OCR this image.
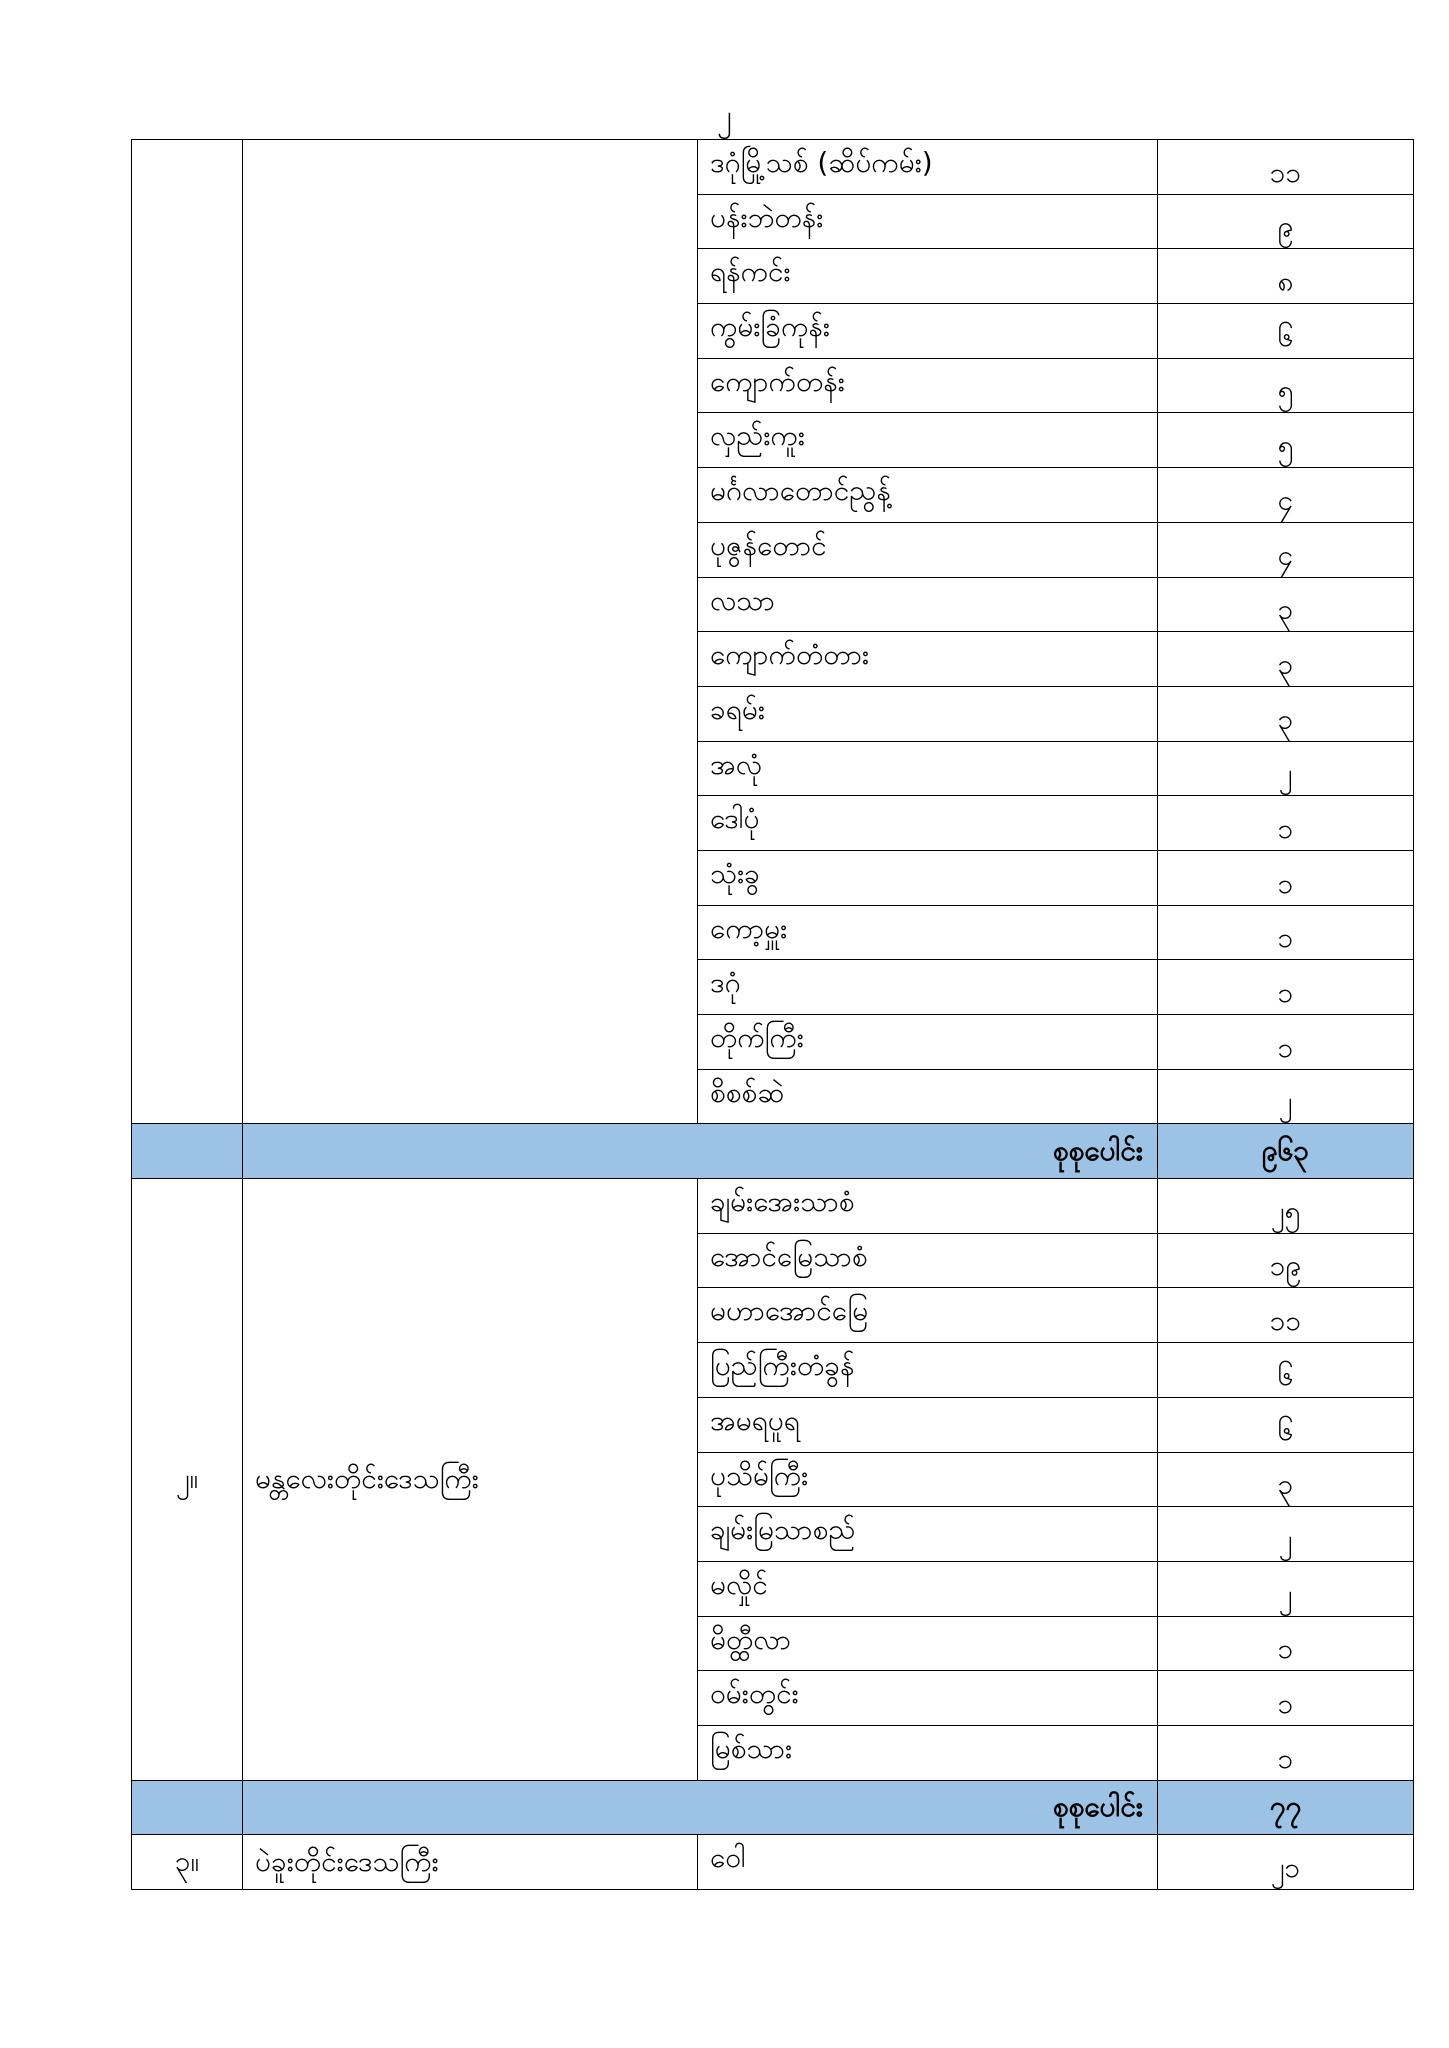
၂
		ဒဂုံမြို့သစ် (ဆိပ်ကမ်း)	၁၁
		ပန်းဘဲတန်း	၉
		ရန်ကင်း	၈
		ကွမ်းခြံကုန်း	၆
		ကျောက်တန်း	၅
		လှည်းကူး	၅
		မင်္ဂလာတောင်ညွန့်	၄
		ပုဇွန်တောင်	၄
		လသာ	၃
		ကျောက်တံတား	၃
		ခရမ်း	၃
		အလုံ	၂
		ဒေါပုံ	၁
		သုံးခွ	၁
		ကော့မှူး	၁
		ဒဂုံ	၁
		တိုက်ကြီး	၁
		စိစစ်ဆဲ	၂
	စုစုပေါင်း		၉၆၃
၂။	မန္တလေးတိုင်းဒေသကြီး	ချမ်းအေးသာစံ	၂၅
		အောင်မြေသာစံ	၁၉
		မဟာအောင်မြေ	၁၁
		ပြည်ကြီးတံခွန်	၆
		အမရပူရ	၆
		ပုသိမ်ကြီး	၃
		ချမ်းမြသာစည်	၂
		မလှိုင်	၂
		မိတ္ထီလာ	၁
		ဝမ်းတွင်း	၁
		မြစ်သား	၁
	စုစုပေါင်း		၇၇
၃။	ပဲခူးတိုင်းဒေသကြီး	ဝေါ	၂၁
